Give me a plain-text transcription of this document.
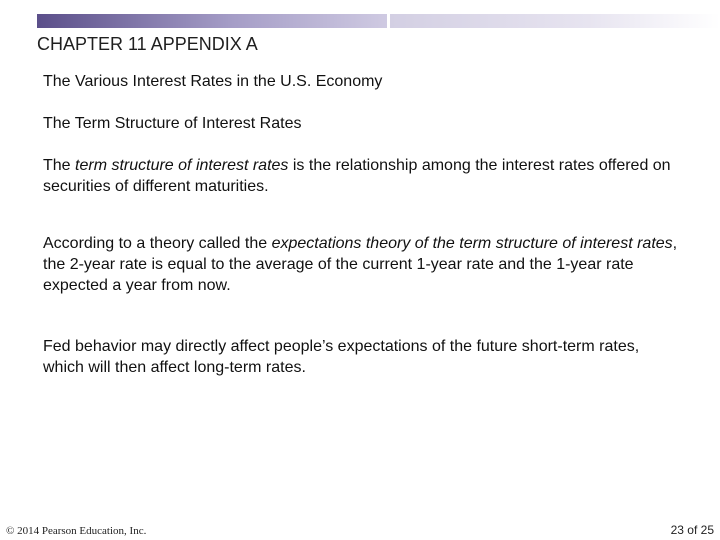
CHAPTER 11 APPENDIX A
The Various Interest Rates in the U.S. Economy
The Term Structure of Interest Rates

The term structure of interest rates is the relationship among the interest rates offered on securities of different maturities.

According to a theory called the expectations theory of the term structure of interest rates, the 2-year rate is equal to the average of the current 1-year rate and the 1-year rate expected a year from now.

Fed behavior may directly affect people’s expectations of the future short-term rates, which will then affect long-term rates.

© 2014 Pearson Education, Inc.	23 of 25
